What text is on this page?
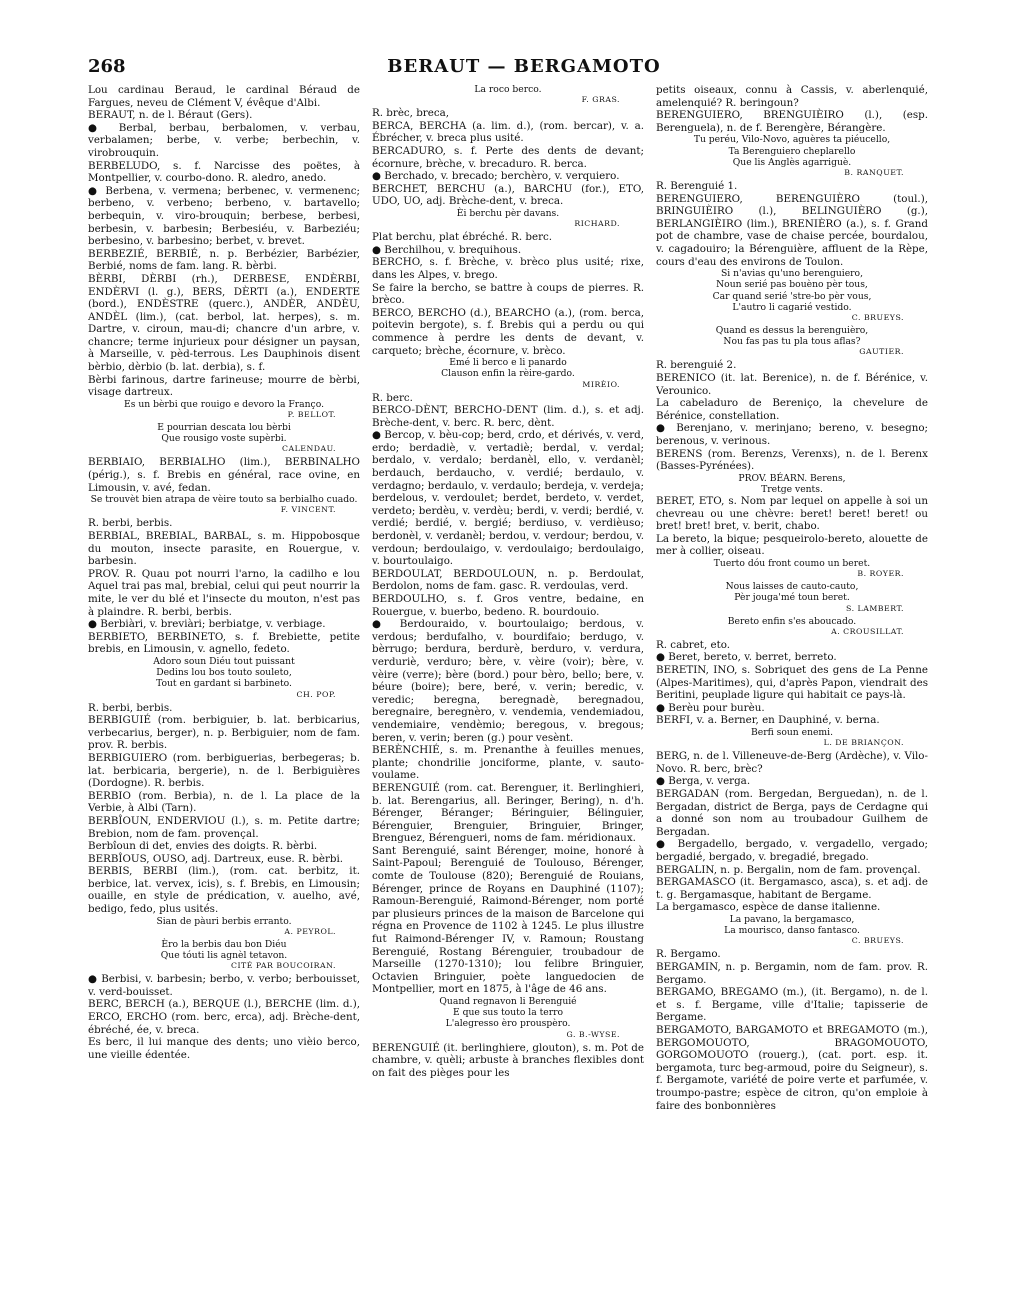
268	BERAUT — BERGAMOTO

Lou cardinau Beraud, le cardinal Béraud de Fargues, neveu de Clément V, évêque d'Albi.

BERAUT, n. de l. Béraut (Gers).

● Berbal, berbau, berbalomen, v. verbau, verbalamen; berbe, v. verbe; berbechin, v. virobrouquin.

BERBELUDO, s. f. Narcisse des poëtes, à Montpellier, v. courbo-dono. R. aledro, anedo.

● Berbena, v. vermena; berbenec, v. vermenenc; berbeno, v. verbeno; berbeno, v. bartavello; berbequin, v. viro-brouquin; berbese, berbesi, berbesin, v. barbesin; Berbesiéu, v. Barbeziéu; berbesino, v. barbesino; berbet, v. brevet.

BERBEZIÉ, BERBIÉ, n. p. Berbézier, Barbézier, Berbié, noms de fam. lang. R. bèrbi.

BÈRBI, DÈRBI (rh.), DERBESE, ENDÈRBI, ENDÈRVI (l. g.), BERS, DÈRTI (a.), ENDERTE (bord.), ENDÈSTRE (querc.), ANDÈR, ANDÈU, ANDÈL (lim.), (cat. berbol, lat. herpes), s. m. Dartre, v. ciroun, mau-di; chancre d'un arbre, v. chancre; terme injurieux pour désigner un paysan, à Marseille, v. pèd-terrous. Les Dauphinois disent bèrbio, dèrbio (b. lat. derbia), s. f.

Bèrbi farinous, dartre farineuse; mourre de bèrbi, visage dartreux.

Es un bèrbi que rouigo e devoro la Franço.

P. BELLOT.

E pourrian descata lou bèrbi

Que rousigo voste supèrbi.

CALENDAU.

BERBIAIO, BERBIALHO (lim.), BERBINALHO (périg.), s. f. Brebis en général, race ovine, en Limousin, v. avé, fedan.

Se trouvèt bien atrapa de vèire touto sa berbialho cuado.

F. VINCENT.

R. berbi, berbis.

BERBIAL, BREBIAL, BARBAL, s. m. Hippobosque du mouton, insecte parasite, en Rouergue, v. barbesin.

PROV. R. Quau pot nourri l'arno, la cadilho e lou Aquel trai pas mal, brebial, celui qui peut nourrir la mite, le ver du blé et l'insecte du mouton, n'est pas à plaindre. R. berbi, berbis.

● Berbiàri, v. breviàri; berbiatge, v. verbiage.

BERBIETO, BERBINETO, s. f. Brebiette, petite brebis, en Limousin, v. agnello, fedeto.

Adoro soun Diéu tout puissant

Dedins lou bos touto souleto,

Tout en gardant si barbineto.

CH. POP.

R. berbi, berbis.

BERBIGUIÉ (rom. berbiguier, b. lat. berbicarius, verbecarius, berger), n. p. Berbiguier, nom de fam. prov. R. berbis.

BERBIGUIERO (rom. berbiguerias, berbegeras; b. lat. berbicaria, bergerie), n. de l. Berbiguières (Dordogne). R. berbis.

BERBIO (rom. Berbia), n. de l. La place de la Verbie, à Albi (Tarn).

BERBÎOUN, ENDERVIOU (l.), s. m. Petite dartre; Brebion, nom de fam. provençal.

Berbîoun di det, envies des doigts. R. bèrbi.

BERBÎOUS, OUSO, adj. Dartreux, euse. R. bèrbi.

BERBIS, BERBI (lim.), (rom. cat. berbitz, it. berbice, lat. vervex, icis), s. f. Brebis, en Limousin; ouaille, en style de prédication, v. auelho, avé, bedigo, fedo, plus usités.

Sian de pàuri berbis erranto.

A. PEYROL.

Èro la berbis dau bon Diéu

Que tóuti lis agnèl tetavon.

CITÉ PAR BOUCOIRAN.

● Berbisi, v. barbesin; berbo, v. verbo; berbouisset, v. verd-bouisset.

BERC, BERCH (a.), BERQUE (l.), BERCHE (lim. d.), ERCO, ERCHO (rom. berc, erca), adj. Brèche-dent, ébréché, ée, v. breca.

Es berc, il lui manque des dents; uno vièio berco, une vieille édentée.

La roco berco.

F. GRAS.

R. brèc, breca,

BERCA, BERCHA (a. lim. d.), (rom. bercar), v. a. Ébrécher, v. breca plus usité.

BERCADURO, s. f. Perte des dents de devant; écornure, brèche, v. brecaduro. R. berca.

● Berchado, v. brecado; berchèro, v. verquiero.

BERCHET, BERCHU (a.), BARCHU (for.), ETO, UDO, UO, adj. Brèche-dent, v. breca.

Èi berchu pèr davans.

RICHARD.

Plat berchu, plat ébréché. R. berc.

● Berchilhou, v. brequihous.

BERCHO, s. f. Brèche, v. brèco plus usité; rixe, dans les Alpes, v. brego.

Se faire la bercho, se battre à coups de pierres. R. brèco.

BERCO, BERCHO (d.), BEARCHO (a.), (rom. berca, poitevin bergote), s. f. Brebis qui a perdu ou qui commence à perdre les dents de devant, v. carqueto; brèche, écornure, v. brèco.

Emé li berco e li panardo

Clauson enfin la rèire-gardo.

MIRÈIO.

R. berc.

BERCO-DÈNT, BERCHO-DENT (lim. d.), s. et adj. Brèche-dent, v. berc. R. berc, dènt.

● Bercop, v. bèu-cop; berd, crdo, et dérivés, v. verd, erdo; berdadiè, v. vertadiè; berdal, v. verdal; berdalo, v. verdalo; berdanèl, ello, v. verdanèl; berdauch, berdaucho, v. verdié; berdaulo, v. verdagno; berdaulo, v. verdaulo; berdeja, v. verdeja; berdelous, v. verdoulet; berdet, berdeto, v. verdet, verdeto; berdèu, v. verdèu; berdi, v. verdi; berdié, v. verdié; berdié, v. bergié; berdiuso, v. verdièuso; berdonèl, v. verdanèl; berdou, v. verdour; berdou, v. verdoun; berdoulaigo, v. verdoulaigo; berdoulaigo, v. bourtoulaigo.

BERDOULAT, BERDOULOUN, n. p. Berdoulat, Berdolon, noms de fam. gasc. R. verdoulas, verd.

BERDOULHO, s. f. Gros ventre, bedaine, en Rouergue, v. buerbo, bedeno. R. bourdouio.

● Berdouraido, v. bourtoulaigo; berdous, v. verdous; berdufalho, v. bourdifaio; berdugo, v. bèrrugo; berdura, berdurè, berduro, v. verdura, verduriè, verduro; bère, v. vèire (voir); bère, v. vèire (verre); bère (bord.) pour bèro, bello; bere, v. béure (boire); bere, beré, v. verin; beredic, v. veredic; beregna, beregnadè, beregnadou, beregnaire, beregnèro, v. vendemia, vendemiadou, vendemiaire, vendèmio; beregous, v. bregous; beren, v. verin; beren (g.) pour vesènt.

BERÈNCHIÉ, s. m. Prenanthe à feuilles menues, plante; chondrilie jonciforme, plante, v. sauto-voulame.

BERENGUIÉ (rom. cat. Berenguer, it. Berlinghieri, b. lat. Berengarius, all. Beringer, Bering), n. d'h. Bérenger, Béranger; Béringuier, Bélinguier, Bérenguier, Brenguier, Bringuier, Bringer, Brenguez, Bérengueri, noms de fam. méridionaux.

Sant Berenguié, saint Bérenger, moine, honoré à Saint-Papoul; Berenguié de Toulouso, Bérenger, comte de Toulouse (820); Berenguié de Rouians, Bérenger, prince de Royans en Dauphiné (1107); Ramoun-Berenguié, Raimond-Bérenger, nom porté par plusieurs princes de la maison de Barcelone qui régna en Provence de 1102 à 1245. Le plus illustre fut Raimond-Bérenger IV, v. Ramoun; Roustang Berenguié, Rostang Bérenguier, troubadour de Marseille (1270-1310); lou felibre Bringuier, Octavien Bringuier, poète languedocien de Montpellier, mort en 1875, à l'âge de 46 ans.

Quand regnavon li Berenguié

E que sus touto la terro

L'alegresso èro prouspèro.

G. B.-WYSE.

BERENGUIÉ (it. berlinghiere, glouton), s. m. Pot de chambre, v. quèli; arbuste à branches flexibles dont on fait des pièges pour les

petits oiseaux, connu à Cassis, v. aberlenquié, amelenquié? R. beringoun?

BERENGUIERO, BRENGUIÈIRO (l.), (esp. Berenguela), n. de f. Berengère, Bérangère.

Tu peréu, Vilo-Novo, aguères ta piéucello,

Ta Berenguiero cheplarello

Que lis Anglès agarriguè.

B. RANQUET.

R. Berenguié 1.

BERENGUIERO, BERENGUIÈRO (toul.), BRINGUIÈIRO (l.), BELINGUIÈRO (g.), BERLANGIÈIRO (lim.), BRENIÈRO (a.), s. f. Grand pot de chambre, vase de chaise percée, bourdalou, v. cagadouiro; la Bérenguière, affluent de la Rèpe, cours d'eau des environs de Toulon.

Si n'avias qu'uno berenguiero,

Noun serié pas bouèno pèr tous,

Car quand serié 'stre-bo pèr vous,

L'autro li cagarié vestido.

C. BRUEYS.

Quand es dessus la berenguièro,

Nou fas pas tu pla tous aflas?

GAUTIER.

R. berenguié 2.

BERENICO (it. lat. Berenice), n. de f. Bérénice, v. Verounico.

La cabeladuro de Bereniço, la chevelure de Bérénice, constellation.

● Berenjano, v. merinjano; bereno, v. besegno; berenous, v. verinous.

BERENS (rom. Berenzs, Verenxs), n. de l. Berenx (Basses-Pyrénées).

PROV. BÉARN. Berens,

Tretge vents.

BERET, ETO, s. Nom par lequel on appelle à soi un chevreau ou une chèvre: beret! beret! beret! ou bret! bret! bret, v. berit, chabo.

La bereto, la bique; pesqueirolo-bereto, alouette de mer à collier, oiseau.

Tuerto dóu front coumo un beret.

B. ROYER.

Nous laisses de cauto-cauto,

Pèr jouga'mé toun beret.

S. LAMBERT.

Bereto enfin s'es aboucado.

A. CROUSILLAT.

R. cabret, eto.

● Beret, bereto, v. berret, berreto.

BERETIN, INO, s. Sobriquet des gens de La Penne (Alpes-Maritimes), qui, d'après Papon, viendrait des Beritini, peuplade ligure qui habitait ce pays-là.

● Berèu pour burèu.

BERFI, v. a. Berner, en Dauphiné, v. berna.

Berfi soun enemi.

L. DE BRIANÇON.

BERG, n. de l. Villeneuve-de-Berg (Ardèche), v. Vilo-Novo. R. berc, brèc?

● Berga, v. verga.

BERGADAN (rom. Bergedan, Berguedan), n. de l. Bergadan, district de Berga, pays de Cerdagne qui a donné son nom au troubadour Guilhem de Bergadan.

● Bergadello, bergado, v. vergadello, vergado; bergadié, bergado, v. bregadié, bregado.

BERGALIN, n. p. Bergalin, nom de fam. provençal.

BERGAMASCO (it. Bergamasco, asca), s. et adj. de t. g. Bergamasque, habitant de Bergame.

La bergamasco, espèce de danse italienne.

La pavano, la bergamasco,

La mourisco, danso fantasco.

C. BRUEYS.

R. Bergamo.

BERGAMIN, n. p. Bergamin, nom de fam. prov. R. Bergamo.

BERGAMO, BREGAMO (m.), (it. Bergamo), n. de l. et s. f. Bergame, ville d'Italie; tapisserie de Bergame.

BERGAMOTO, BARGAMOTO et BREGAMOTO (m.), BERGOMOUOTO, BRAGOMOUOTO, GORGOMOUOTO (rouerg.), (cat. port. esp. it. bergamota, turc beg-armoud, poire du Seigneur), s. f. Bergamote, variété de poire verte et parfumée, v. troumpo-pastre; espèce de citron, qu'on emploie à faire des bonbonnières
